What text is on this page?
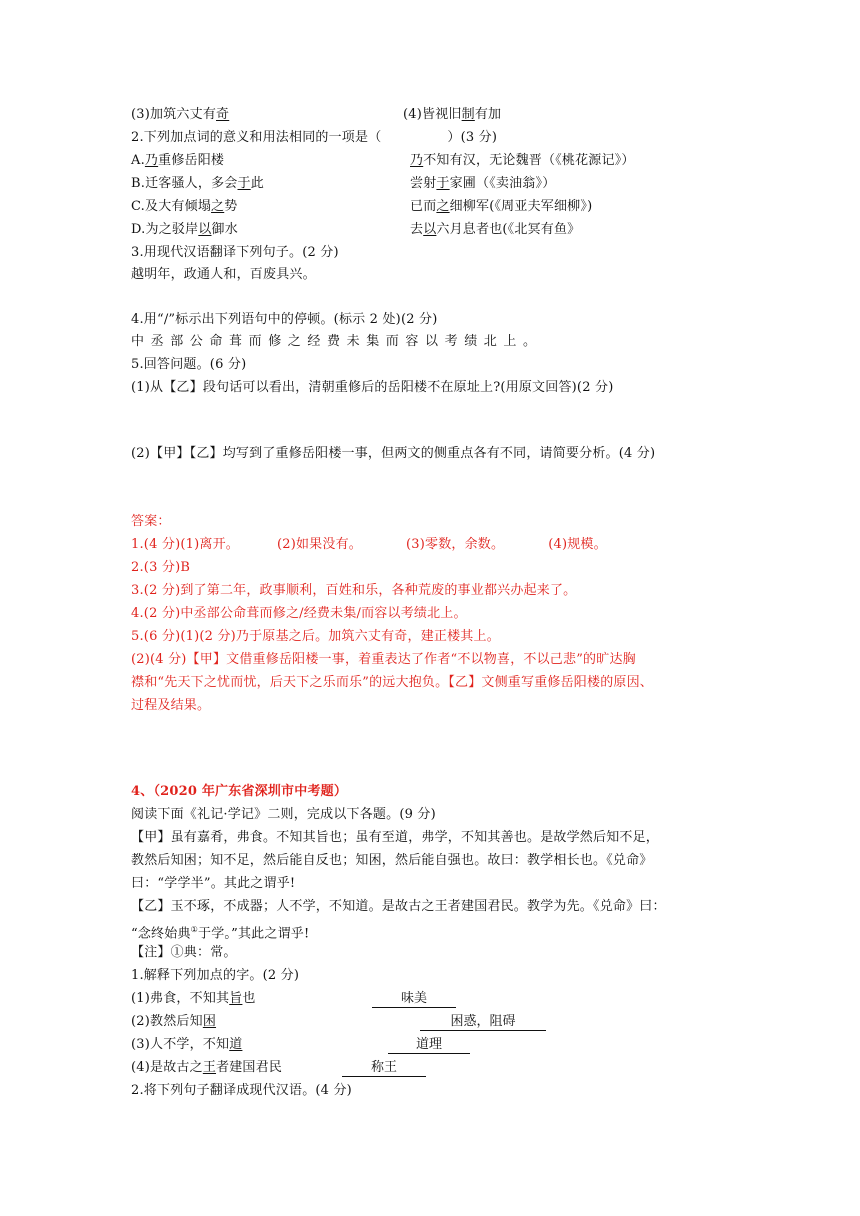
(3)加筑六丈有奇	(4)皆视旧制有加
2.下列加点词的意义和用法相同的一项是（	）(3 分)
A.乃重修岳阳楼	乃不知有汉，无论魏晋（《桃花源记》）
B.迁客骚人，多会于此	尝射于家圃（《卖油翁》）
C.及大有倾塌之势	已而之细柳军(《周亚夫军细柳》)
D.为之驳岸以御水	去以六月息者也(《北冥有鱼》
3.用现代汉语翻译下列句子。(2 分)
越明年，政通人和，百废具兴。
4.用“/”标示出下列语句中的停顿。(标示 2 处)(2 分)
中丞部公命葺而修之经费未集而容以考绩北上。
5.回答问题。(6 分)
(1)从【乙】段句话可以看出，清朝重修后的岳阳楼不在原址上?(用原文回答)(2 分)
(2)【甲】【乙】均写到了重修岳阳楼一事，但两文的侧重点各有不同，请简要分析。(4 分)
答案：
1.(4 分)(1)离开。	(2)如果没有。	(3)零数，余数。	(4)规模。
2.(3 分)B
3.(2 分)到了第二年，政事顺利，百姓和乐，各种荒废的事业都兴办起来了。
4.(2 分)中丞部公命葺而修之/经费未集/而容以考绩北上。
5.(6 分)(1)(2 分)乃于原基之后。加筑六丈有奇，建正楼其上。
(2)(4 分)【甲】文借重修岳阳楼一事，着重表达了作者“不以物喜，不以己悲”的旷达胸
襟和“先天下之忧而忧，后天下之乐而乐”的远大抱负。【乙】文侧重写重修岳阳楼的原因、
过程及结果。
4、（2020 年广东省深圳市中考题）
阅读下面《礼记·学记》二则，完成以下各题。(9 分)
【甲】虽有嘉肴，弗食。不知其旨也；虽有至道，弗学，不知其善也。是故学然后知不足，
教然后知困；知不足，然后能自反也；知困，然后能自强也。故曰：教学相长也。《兑命》
曰：“学学半”。其此之谓乎!
【乙】玉不琢，不成器；人不学，不知道。是故古之王者建国君民。教学为先。《兑命》曰：
“念终始典①于学。”其此之谓乎!
【注】①典：常。
1.解释下列加点的字。(2 分)
(1)弗食，不知其旨也	味美
(2)教然后知困	困惑，阻碍
(3)人不学，不知道	道理
(4)是故古之王者建国君民	称王
2.将下列句子翻译成现代汉语。(4 分)
